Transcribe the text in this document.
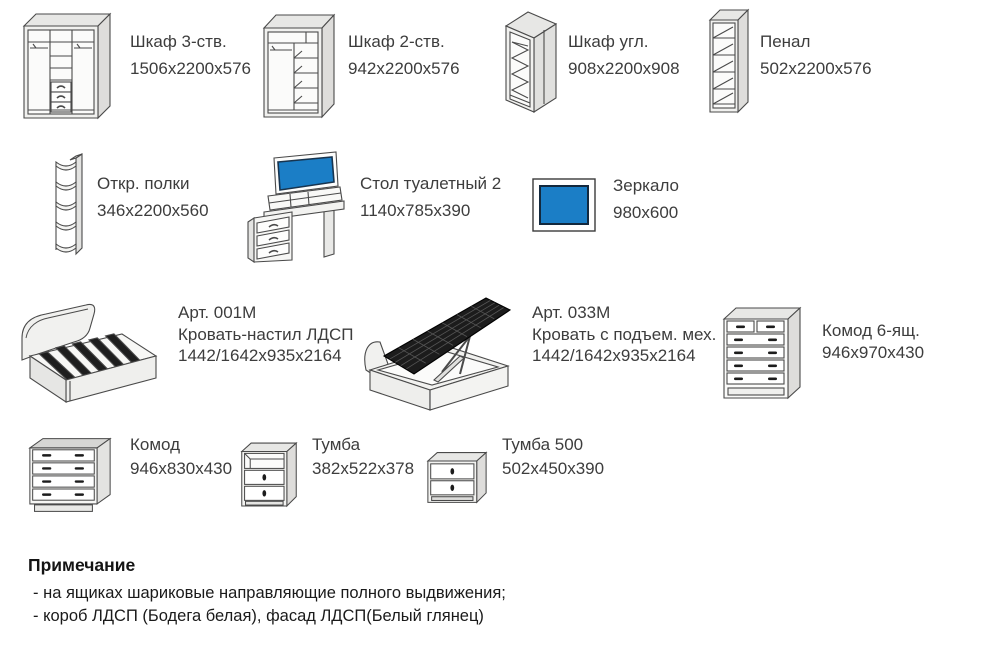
Шкаф 3-ств.
1506x2200x576
Шкаф 2-ств.
942x2200x576
Шкаф угл.
908x2200x908
Пенал
502x2200x576
Откр. полки
346x2200x560
Стол туалетный 2
1140x785x390
Зеркало
980x600
Арт. 001М
Кровать-настил ЛДСП
1442/1642x935x2164
Арт. 033М
Кровать с подъем. мех.
1442/1642x935x2164
Комод 6-ящ.
946x970x430
Комод
946x830x430
Тумба
382x522x378
Тумба 500
502x450x390
Примечание
- на ящиках шариковые направляющие полного выдвижения;
- короб ЛДСП (Бодега белая), фасад ЛДСП(Белый глянец)
